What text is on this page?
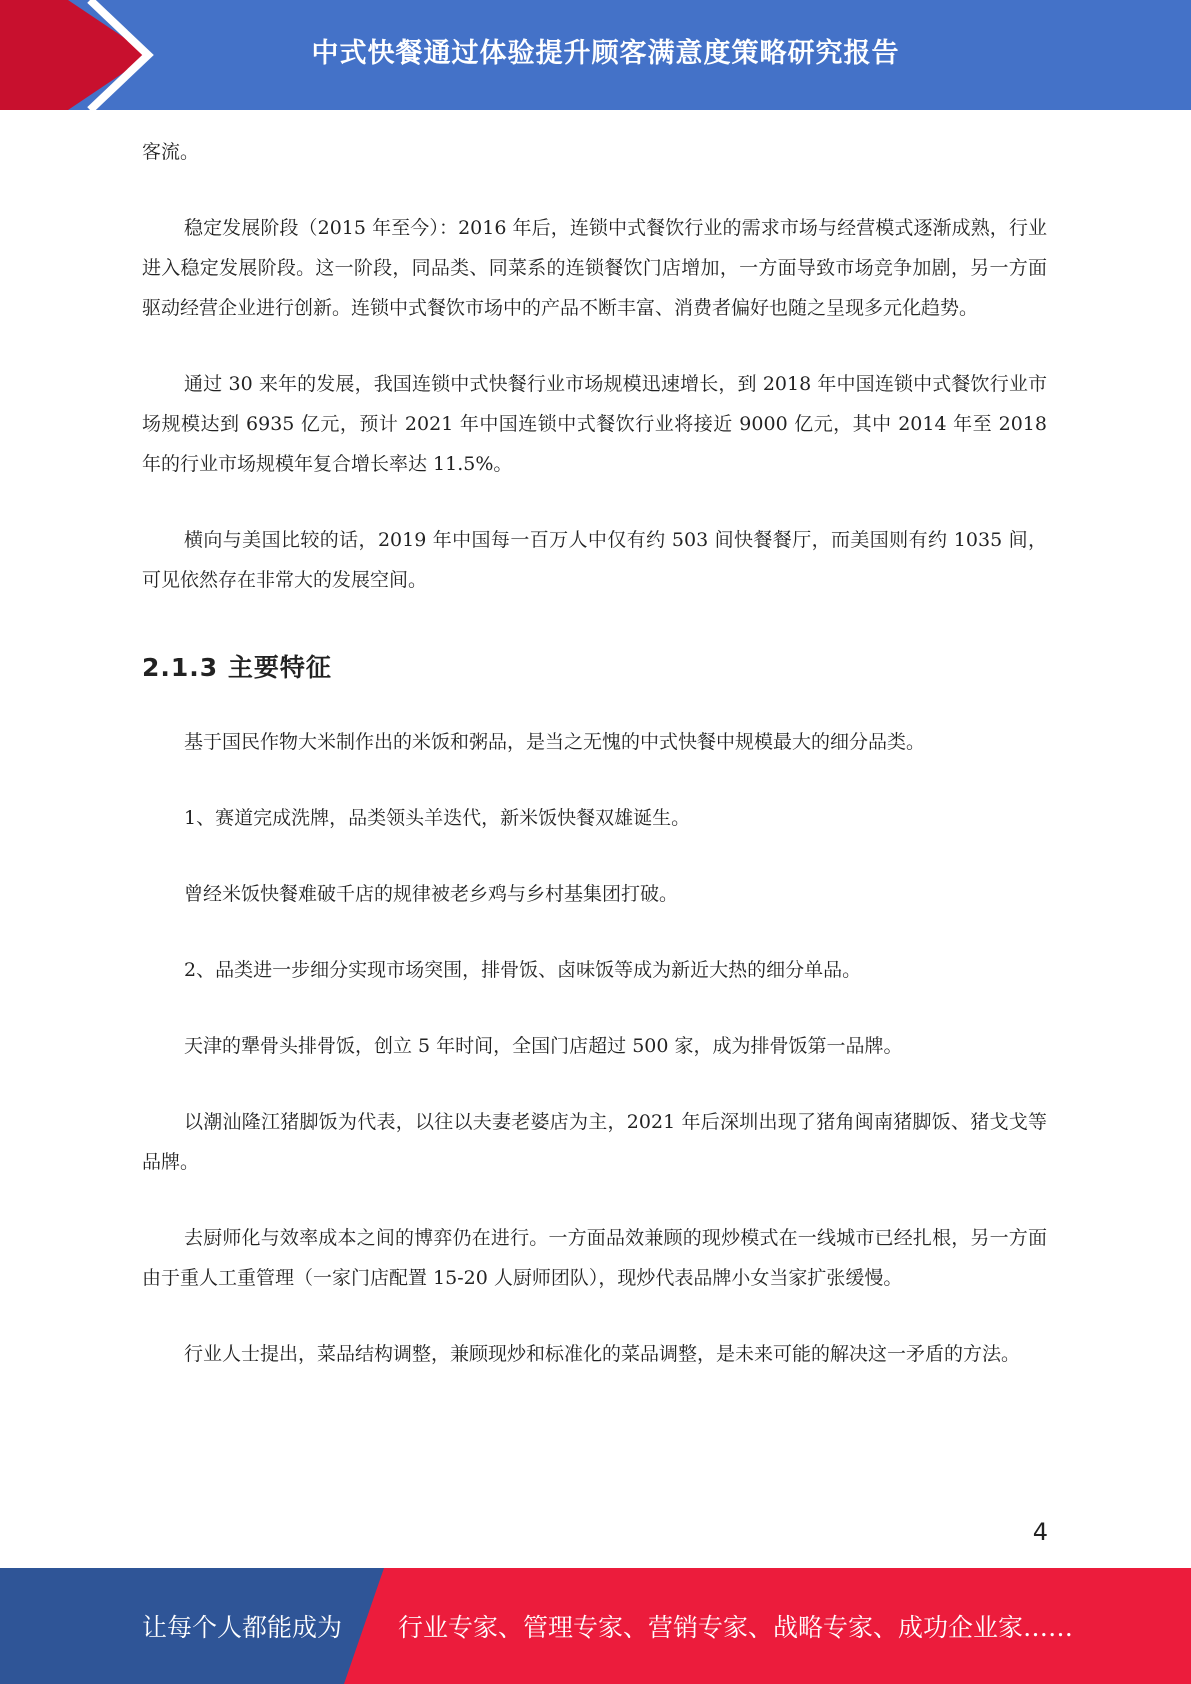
中式快餐通过体验提升顾客满意度策略研究报告

客流。

稳定发展阶段（2015 年至今）：2016 年后，连锁中式餐饮行业的需求市场与经营模式逐渐成熟，行业进入稳定发展阶段。这一阶段，同品类、同菜系的连锁餐饮门店增加，一方面导致市场竞争加剧，另一方面驱动经营企业进行创新。连锁中式餐饮市场中的产品不断丰富、消费者偏好也随之呈现多元化趋势。

通过 30 来年的发展，我国连锁中式快餐行业市场规模迅速增长，到 2018 年中国连锁中式餐饮行业市场规模达到 6935 亿元，预计 2021 年中国连锁中式餐饮行业将接近 9000 亿元，其中 2014 年至 2018 年的行业市场规模年复合增长率达 11.5%。

横向与美国比较的话，2019 年中国每一百万人中仅有约 503 间快餐餐厅，而美国则有约 1035 间，可见依然存在非常大的发展空间。

2.1.3 主要特征

基于国民作物大米制作出的米饭和粥品，是当之无愧的中式快餐中规模最大的细分品类。

1、赛道完成洗牌，品类领头羊迭代，新米饭快餐双雄诞生。

曾经米饭快餐难破千店的规律被老乡鸡与乡村基集团打破。

2、品类进一步细分实现市场突围，排骨饭、卤味饭等成为新近大热的细分单品。

天津的犟骨头排骨饭，创立 5 年时间，全国门店超过 500 家，成为排骨饭第一品牌。

以潮汕隆江猪脚饭为代表，以往以夫妻老婆店为主，2021 年后深圳出现了猪角闽南猪脚饭、猪戈戈等品牌。

去厨师化与效率成本之间的博弈仍在进行。一方面品效兼顾的现炒模式在一线城市已经扎根，另一方面由于重人工重管理（一家门店配置 15-20 人厨师团队），现炒代表品牌小女当家扩张缓慢。

行业人士提出，菜品结构调整，兼顾现炒和标准化的菜品调整，是未来可能的解决这一矛盾的方法。

4
让每个人都能成为 行业专家、管理专家、营销专家、战略专家、成功企业家……
